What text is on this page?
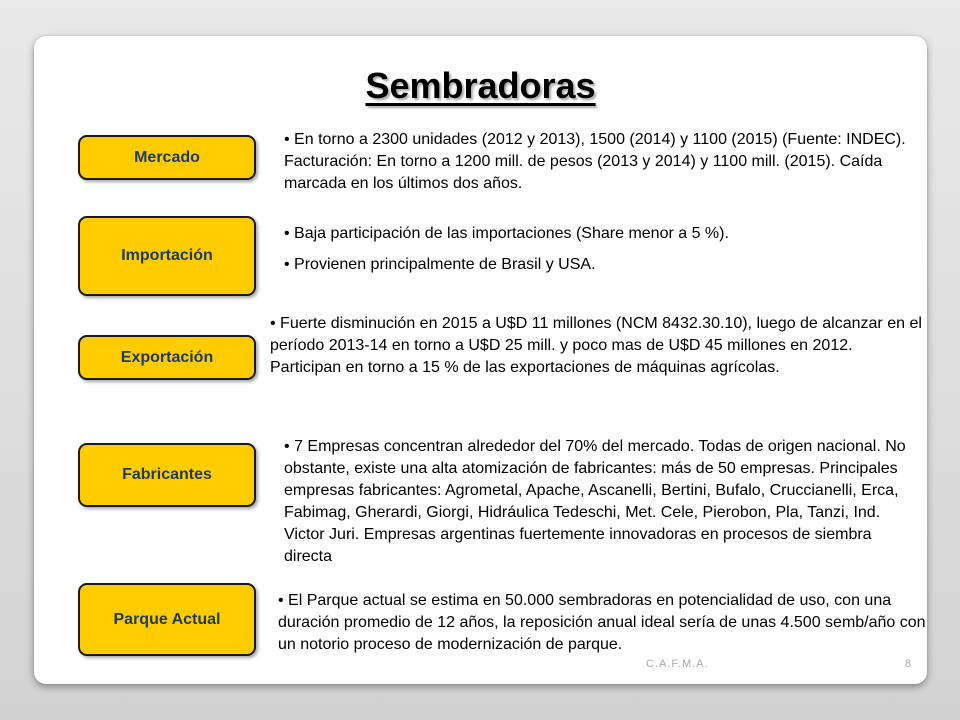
Sembradoras
Mercado

• En torno a 2300 unidades (2012 y 2013), 1500 (2014) y 1100 (2015) (Fuente: INDEC). Facturación: En torno a 1200 mill. de pesos (2013 y 2014) y 1100 mill. (2015). Caída marcada en los últimos dos años.

Importación

• Baja participación de las importaciones (Share menor a 5 %).

• Provienen principalmente de Brasil y USA.

Exportación

• Fuerte disminución en 2015 a U$D 11 millones (NCM 8432.30.10), luego de alcanzar en el período 2013-14 en torno a U$D 25 mill. y poco mas de U$D 45 millones en 2012. Participan en torno a 15 % de las exportaciones de máquinas agrícolas.

Fabricantes

• 7 Empresas concentran alrededor del 70% del mercado. Todas de origen nacional. No obstante, existe una alta atomización de fabricantes: más de 50 empresas. Principales empresas fabricantes: Agrometal, Apache, Ascanelli, Bertini, Bufalo, Cruccianelli, Erca, Fabimag, Gherardi, Giorgi, Hidráulica Tedeschi, Met. Cele, Pierobon, Pla, Tanzi, Ind. Victor Juri. Empresas argentinas fuertemente innovadoras en procesos de siembra directa

Parque Actual

• El Parque actual se estima en 50.000 sembradoras en potencialidad de uso, con una duración promedio de 12 años, la reposición anual ideal sería de unas 4.500 semb/año con un notorio proceso de modernización de parque.

C.A.F.M.A.	8
